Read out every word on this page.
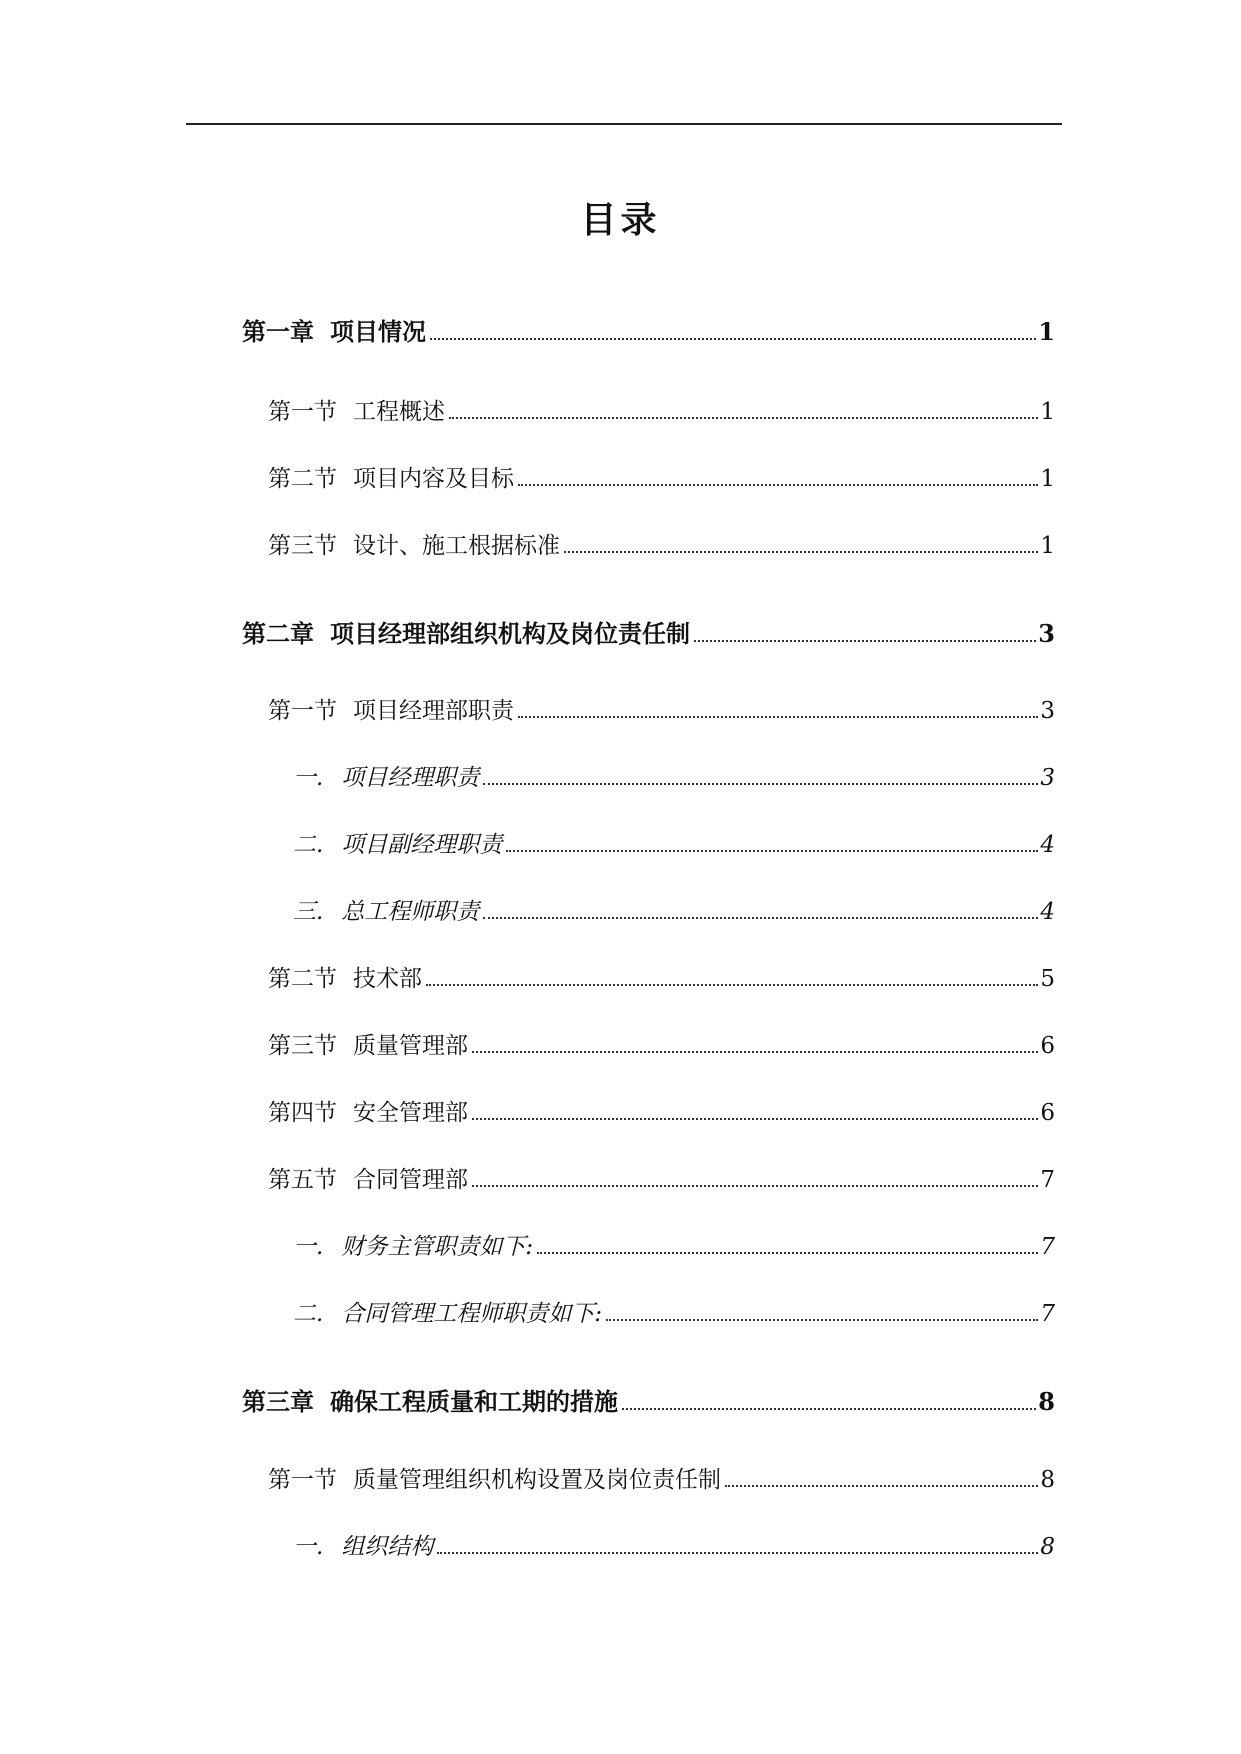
目录
第一章 项目情况	1
第一节 工程概述	1
第二节 项目内容及目标	1
第三节 设计、施工根据标准	1
第二章 项目经理部组织机构及岗位责任制	3
第一节 项目经理部职责	3
一. 项目经理职责	3
二. 项目副经理职责	4
三. 总工程师职责	4
第二节 技术部	5
第三节 质量管理部	6
第四节 安全管理部	6
第五节 合同管理部	7
一. 财务主管职责如下:	7
二. 合同管理工程师职责如下:	7
第三章 确保工程质量和工期的措施	8
第一节 质量管理组织机构设置及岗位责任制	8
一. 组织结构	8
